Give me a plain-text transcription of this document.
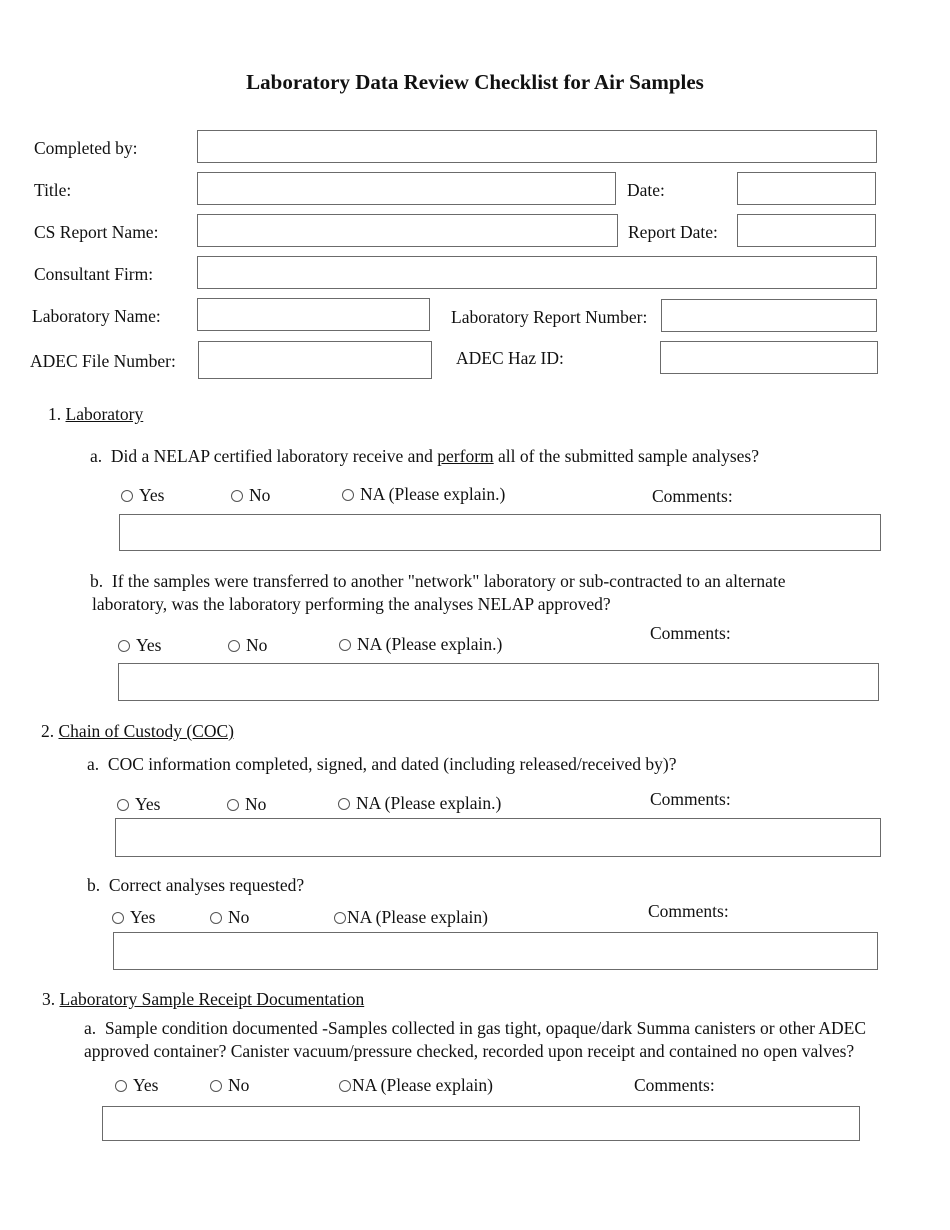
Laboratory Data Review Checklist for Air Samples
Completed by:
Title:	Date:
CS Report Name:	Report Date:
Consultant Firm:
Laboratory Name:	Laboratory Report Number:
ADEC File Number:	ADEC Haz ID:
1. Laboratory
a. Did a NELAP certified laboratory receive and perform all of the submitted sample analyses?
Yes	No	NA (Please explain.)	Comments:
b. If the samples were transferred to another "network" laboratory or sub-contracted to an alternate
laboratory, was the laboratory performing the analyses NELAP approved?
Yes	No	NA (Please explain.)
Comments:
2. Chain of Custody (COC)
a. COC information completed, signed, and dated (including released/received by)?
Yes	No	NA (Please explain.)	Comments:
b. Correct analyses requested?
Yes	No	NA (Please explain)	Comments:
3. Laboratory Sample Receipt Documentation
a. Sample condition documented -Samples collected in gas tight, opaque/dark Summa canisters or other ADEC
approved container? Canister vacuum/pressure checked, recorded upon receipt and contained no open valves?
Yes	No	NA (Please explain)	Comments:
